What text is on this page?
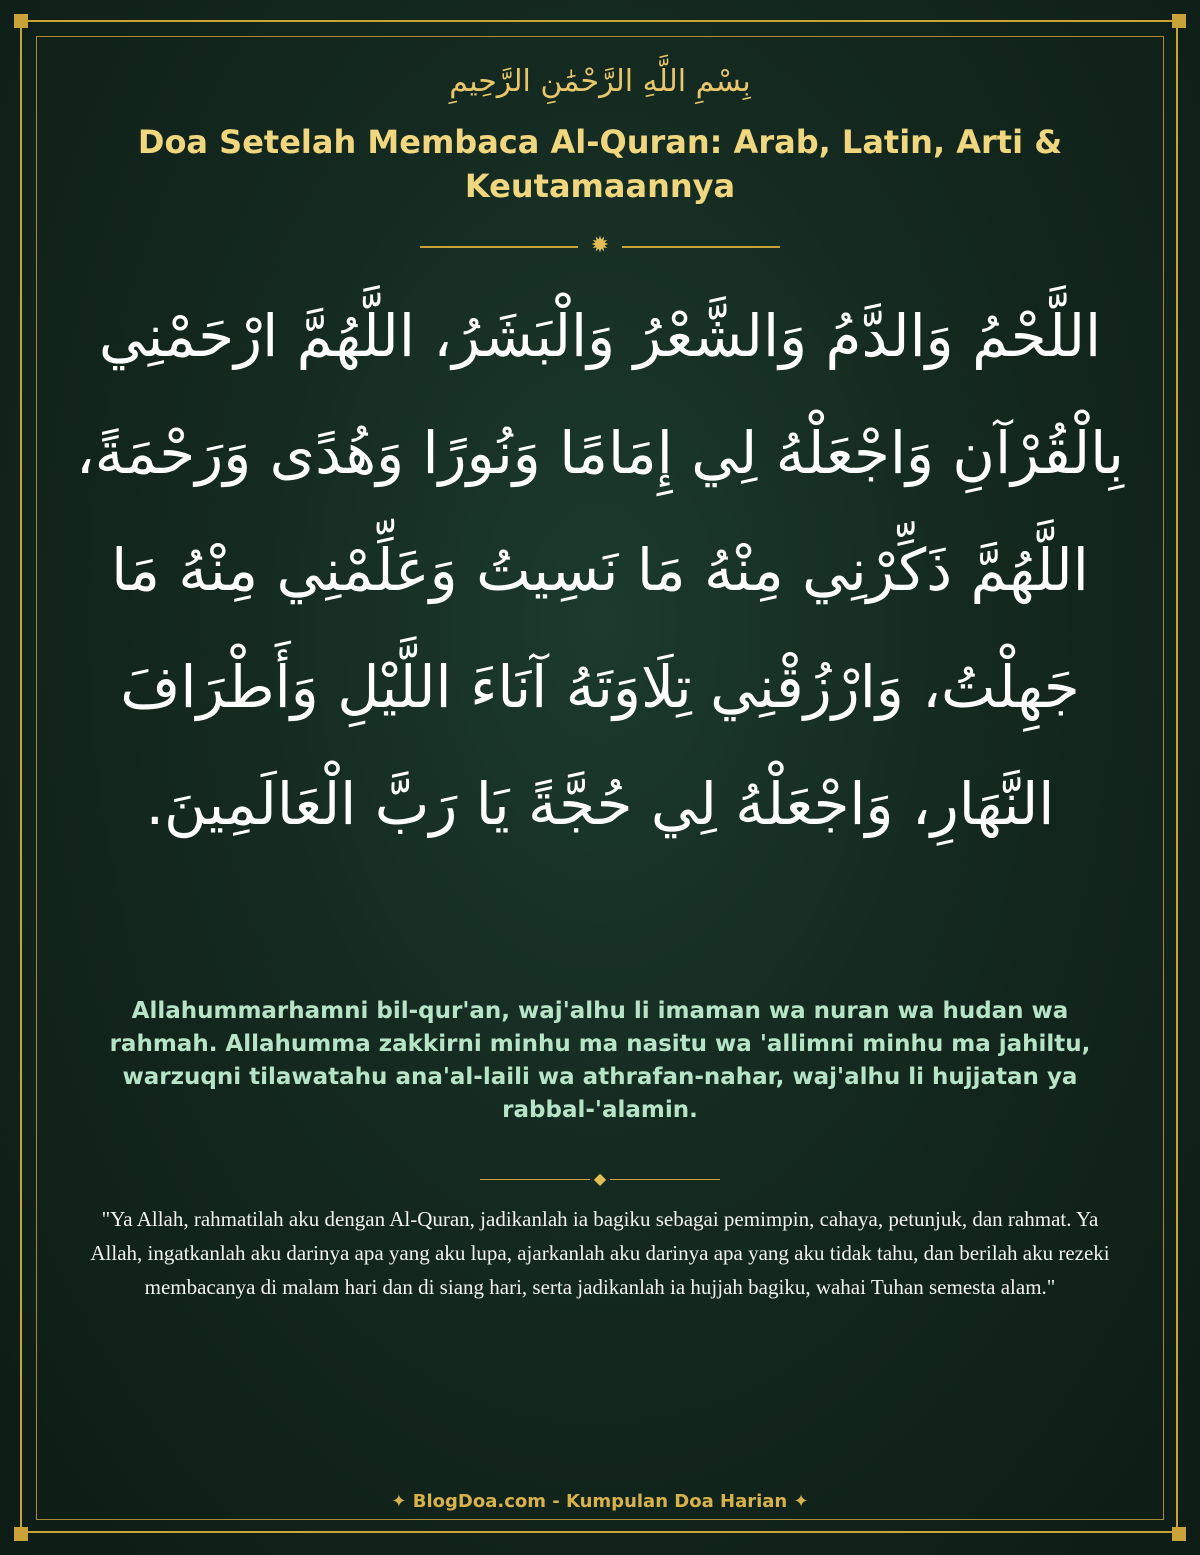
بِسْمِ اللَّهِ الرَّحْمَٰنِ الرَّحِيمِ
Doa Setelah Membaca Al-Quran: Arab, Latin, Arti & Keutamaannya
✹
اللَّحْمُ وَالدَّمُ وَالشَّعْرُ وَالْبَشَرُ، اللَّهُمَّ ارْحَمْنِي بِالْقُرْآنِ وَاجْعَلْهُ لِي إِمَامًا وَنُورًا وَهُدًى وَرَحْمَةً، اللَّهُمَّ ذَكِّرْنِي مِنْهُ مَا نَسِيتُ وَعَلِّمْنِي مِنْهُ مَا جَهِلْتُ، وَارْزُقْنِي تِلَاوَتَهُ آنَاءَ اللَّيْلِ وَأَطْرَافَ النَّهَارِ، وَاجْعَلْهُ لِي حُجَّةً يَا رَبَّ الْعَالَمِينَ.
Allahummarhamni bil-qur'an, waj'alhu li imaman wa nuran wa hudan wa rahmah. Allahumma zakkirni minhu ma nasitu wa 'allimni minhu ma jahiltu, warzuqni tilawatahu ana'al-laili wa athrafan-nahar, waj'alhu li hujjatan ya rabbal-'alamin.
◆
"Ya Allah, rahmatilah aku dengan Al-Quran, jadikanlah ia bagiku sebagai pemimpin, cahaya, petunjuk, dan rahmat. Ya Allah, ingatkanlah aku darinya apa yang aku lupa, ajarkanlah aku darinya apa yang aku tidak tahu, dan berilah aku rezeki membacanya di malam hari dan di siang hari, serta jadikanlah ia hujjah bagiku, wahai Tuhan semesta alam."
✦ BlogDoa.com - Kumpulan Doa Harian ✦
